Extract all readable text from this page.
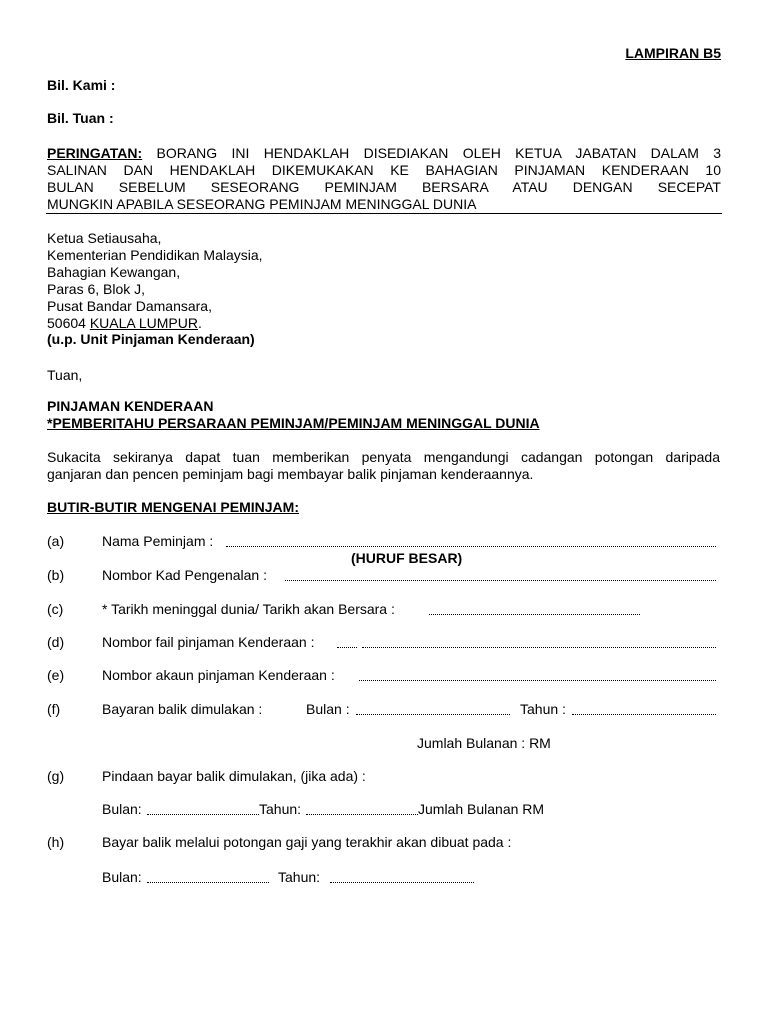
LAMPIRAN B5
Bil. Kami :
Bil. Tuan :
PERINGATAN: BORANG INI HENDAKLAH DISEDIAKAN OLEH KETUA JABATAN DALAM 3
SALINAN DAN HENDAKLAH DIKEMUKAKAN KE BAHAGIAN PINJAMAN KENDERAAN 10
BULAN SEBELUM SESEORANG PEMINJAM BERSARA ATAU DENGAN SECEPAT
MUNGKIN APABILA SESEORANG PEMINJAM MENINGGAL DUNIA
Ketua Setiausaha,
Kementerian Pendidikan Malaysia,
Bahagian Kewangan,
Paras 6, Blok J,
Pusat Bandar Damansara,
50604 KUALA LUMPUR.
(u.p. Unit Pinjaman Kenderaan)
Tuan,
PINJAMAN KENDERAAN
*PEMBERITAHU PERSARAAN PEMINJAM/PEMINJAM MENINGGAL DUNIA
Sukacita sekiranya dapat tuan memberikan penyata mengandungi cadangan potongan daripada
ganjaran dan pencen peminjam bagi membayar balik pinjaman kenderaannya.
BUTIR-BUTIR MENGENAI PEMINJAM:
(a)	Nama Peminjam :
(HURUF BESAR)
(b)	Nombor Kad Pengenalan :
(c)	* Tarikh meninggal dunia/ Tarikh akan Bersara :
(d)	Nombor fail pinjaman Kenderaan :
(e)	Nombor akaun pinjaman Kenderaan :
(f)	Bayaran balik dimulakan :	Bulan :	Tahun :
Jumlah Bulanan : RM
(g)	Pindaan bayar balik dimulakan, (jika ada) :
Bulan:	Tahun:	Jumlah Bulanan RM
(h)	Bayar balik melalui potongan gaji yang terakhir akan dibuat pada :
Bulan:	Tahun:
